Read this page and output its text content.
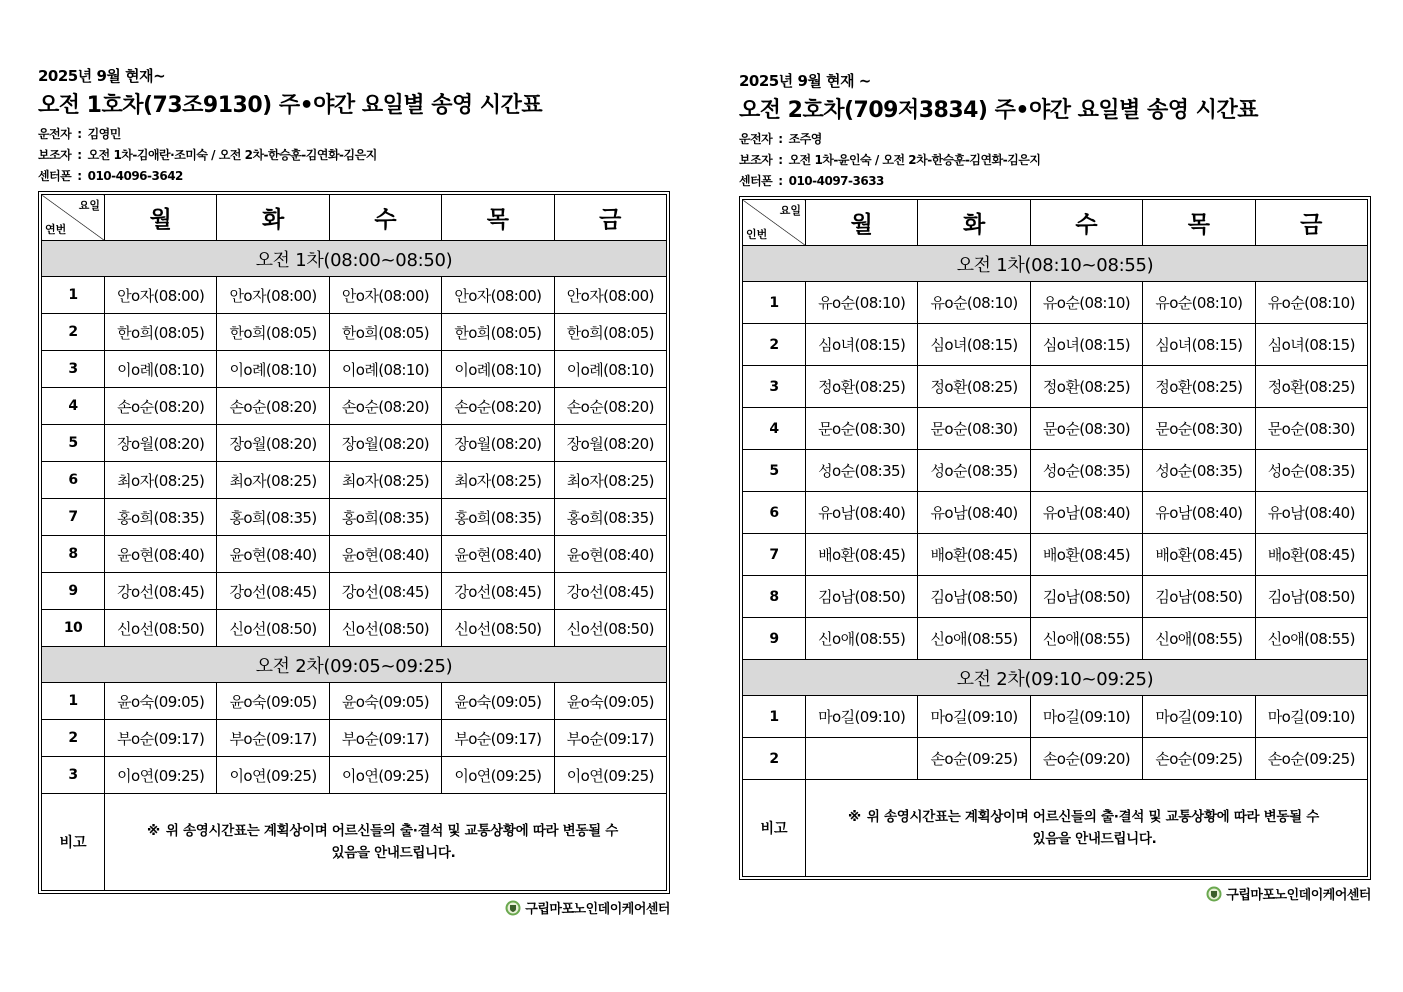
2025년 9월 현재~
오전 1호차(73조9130) 주•야간 요일별 송영 시간표
운전자 : 김영민
보조자 : 오전 1차-김애란·조미숙 / 오전 2차-한승훈-김연화-김은지
센터폰 : 010-4096-3642
요일
연번	월	화	수	목	금
오전 1차(08:00~08:50)					
1	안o자(08:00)	안o자(08:00)	안o자(08:00)	안o자(08:00)	안o자(08:00)
2	한o희(08:05)	한o희(08:05)	한o희(08:05)	한o희(08:05)	한o희(08:05)
3	이o례(08:10)	이o례(08:10)	이o례(08:10)	이o례(08:10)	이o례(08:10)
4	손o순(08:20)	손o순(08:20)	손o순(08:20)	손o순(08:20)	손o순(08:20)
5	장o월(08:20)	장o월(08:20)	장o월(08:20)	장o월(08:20)	장o월(08:20)
6	최o자(08:25)	최o자(08:25)	최o자(08:25)	최o자(08:25)	최o자(08:25)
7	홍o희(08:35)	홍o희(08:35)	홍o희(08:35)	홍o희(08:35)	홍o희(08:35)
8	윤o현(08:40)	윤o현(08:40)	윤o현(08:40)	윤o현(08:40)	윤o현(08:40)
9	강o선(08:45)	강o선(08:45)	강o선(08:45)	강o선(08:45)	강o선(08:45)
10	신o선(08:50)	신o선(08:50)	신o선(08:50)	신o선(08:50)	신o선(08:50)
오전 2차(09:05~09:25)					
1	윤o숙(09:05)	윤o숙(09:05)	윤o숙(09:05)	윤o숙(09:05)	윤o숙(09:05)
2	부o순(09:17)	부o순(09:17)	부o순(09:17)	부o순(09:17)	부o순(09:17)
3	이o연(09:25)	이o연(09:25)	이o연(09:25)	이o연(09:25)	이o연(09:25)
비고	※ 위 송영시간표는 계획상이며 어르신들의 출·결석 및 교통상황에 따라 변동될 수
있음을 안내드립니다.				
구립마포노인데이케어센터
2025년 9월 현재 ~
오전 2호차(709저3834) 주•야간 요일별 송영 시간표
운전자 : 조주영
보조자 : 오전 1차-윤인숙 / 오전 2차-한승훈-김연화-김은지
센터폰 : 010-4097-3633
요일
인번	월	화	수	목	금
오전 1차(08:10~08:55)					
1	유o순(08:10)	유o순(08:10)	유o순(08:10)	유o순(08:10)	유o순(08:10)
2	심o녀(08:15)	심o녀(08:15)	심o녀(08:15)	심o녀(08:15)	심o녀(08:15)
3	정o환(08:25)	정o환(08:25)	정o환(08:25)	정o환(08:25)	정o환(08:25)
4	문o순(08:30)	문o순(08:30)	문o순(08:30)	문o순(08:30)	문o순(08:30)
5	성o순(08:35)	성o순(08:35)	성o순(08:35)	성o순(08:35)	성o순(08:35)
6	유o남(08:40)	유o남(08:40)	유o남(08:40)	유o남(08:40)	유o남(08:40)
7	배o환(08:45)	배o환(08:45)	배o환(08:45)	배o환(08:45)	배o환(08:45)
8	김o남(08:50)	김o남(08:50)	김o남(08:50)	김o남(08:50)	김o남(08:50)
9	신o애(08:55)	신o애(08:55)	신o애(08:55)	신o애(08:55)	신o애(08:55)
오전 2차(09:10~09:25)					
1	마o길(09:10)	마o길(09:10)	마o길(09:10)	마o길(09:10)	마o길(09:10)
2		손o순(09:25)	손o순(09:20)	손o순(09:25)	손o순(09:25)
비고	※ 위 송영시간표는 계획상이며 어르신들의 출·결석 및 교통상황에 따라 변동될 수
있음을 안내드립니다.				
구립마포노인데이케어센터
